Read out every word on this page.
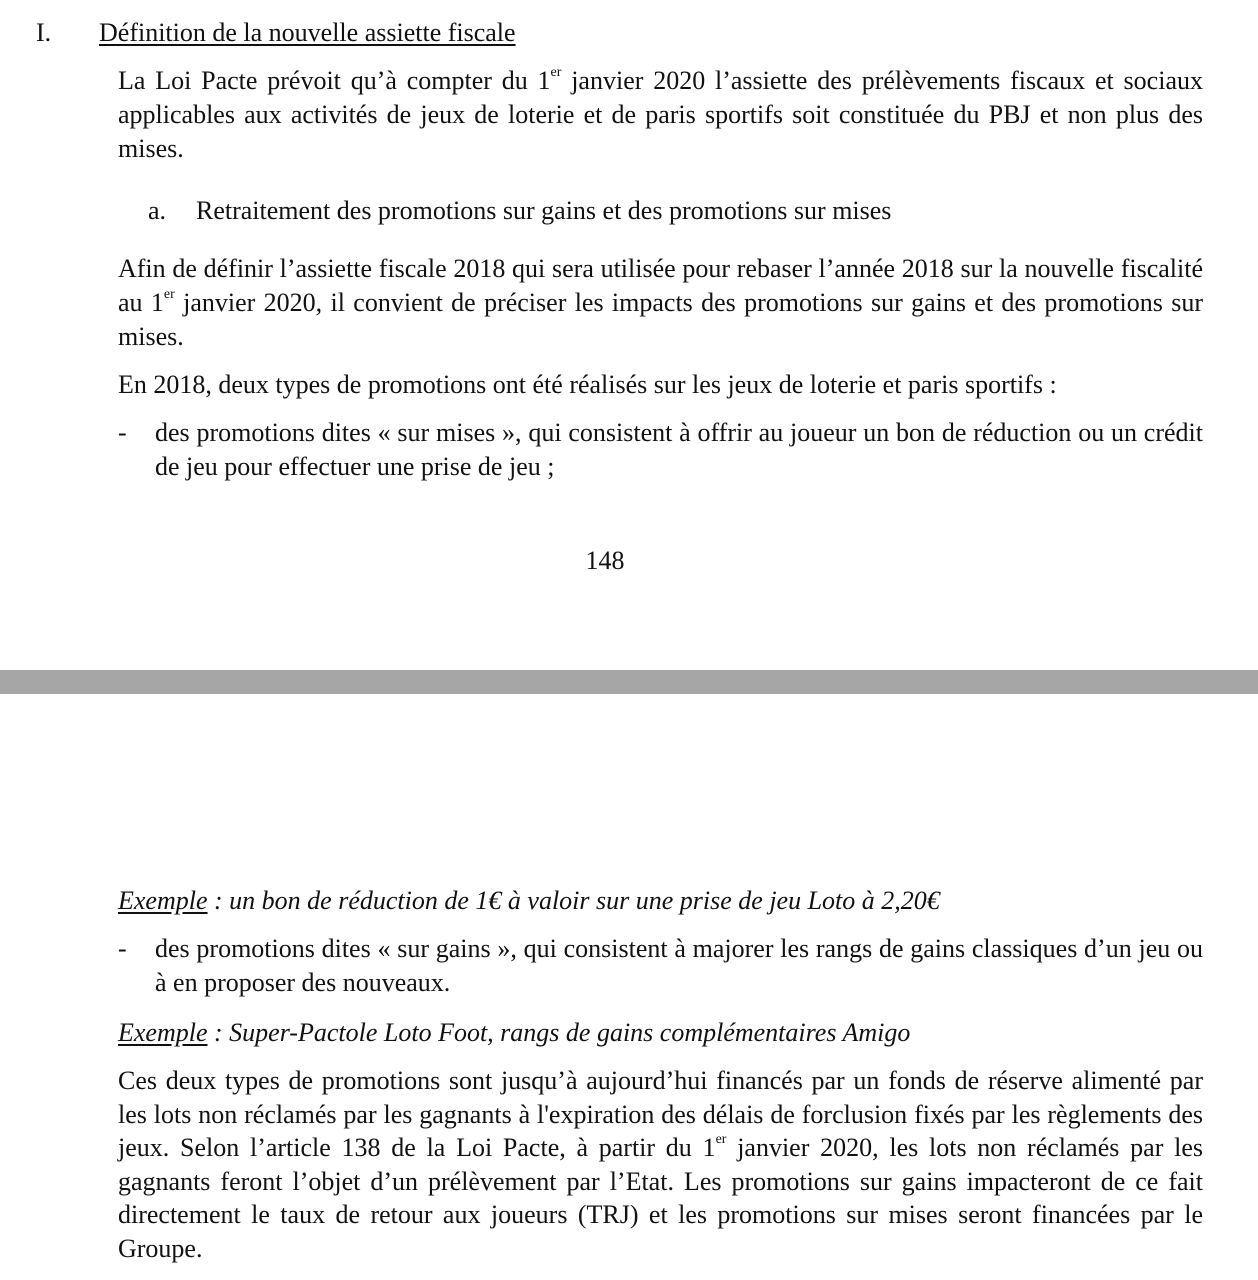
I. Définition de la nouvelle assiette fiscale
La Loi Pacte prévoit qu’à compter du 1er janvier 2020 l’assiette des prélèvements fiscaux et sociaux applicables aux activités de jeux de loterie et de paris sportifs soit constituée du PBJ et non plus des mises.
a. Retraitement des promotions sur gains et des promotions sur mises
Afin de définir l’assiette fiscale 2018 qui sera utilisée pour rebaser l’année 2018 sur la nouvelle fiscalité au 1er janvier 2020, il convient de préciser les impacts des promotions sur gains et des promotions sur mises.
En 2018, deux types de promotions ont été réalisés sur les jeux de loterie et paris sportifs :
- des promotions dites « sur mises », qui consistent à offrir au joueur un bon de réduction ou un crédit de jeu pour effectuer une prise de jeu ;
148
Exemple : un bon de réduction de 1€ à valoir sur une prise de jeu Loto à 2,20€
- des promotions dites « sur gains », qui consistent à majorer les rangs de gains classiques d’un jeu ou à en proposer des nouveaux.
Exemple : Super-Pactole Loto Foot, rangs de gains complémentaires Amigo
Ces deux types de promotions sont jusqu’à aujourd’hui financés par un fonds de réserve alimenté par les lots non réclamés par les gagnants à l'expiration des délais de forclusion fixés par les règlements des jeux. Selon l’article 138 de la Loi Pacte, à partir du 1er janvier 2020, les lots non réclamés par les gagnants feront l’objet d’un prélèvement par l’Etat. Les promotions sur gains impacteront de ce fait directement le taux de retour aux joueurs (TRJ) et les promotions sur mises seront financées par le Groupe.
